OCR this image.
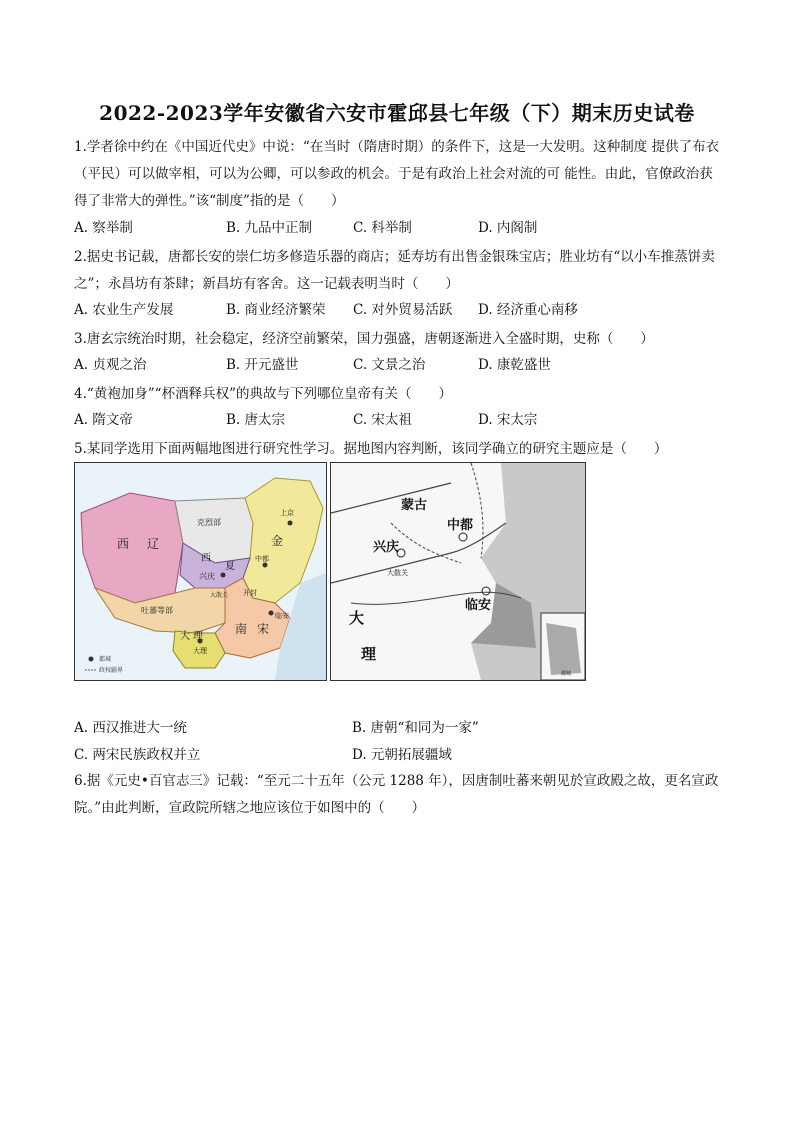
2022-2023学年安徽省六安市霍邱县七年级（下）期末历史试卷
1.学者徐中约在《中国近代史》中说：“在当时（隋唐时期）的条件下，这是一大发明。这种制度 提供了布衣（平民）可以做宰相，可以为公卿，可以参政的机会。于是有政治上社会对流的可 能性。由此，官僚政治获得了非常大的弹性。”该“制度”指的是（　　）
A. 察举制	B. 九品中正制	C. 科举制	D. 内阁制
2.据史书记载，唐都长安的崇仁坊多修造乐器的商店；延寿坊有出售金银珠宝店；胜业坊有“以小车推蒸饼卖之”；永昌坊有茶肆；新昌坊有客舍。这一记载表明当时（　　）
A. 农业生产发展	B. 商业经济繁荣 C. 对外贸易活跃 D. 经济重心南移
3.唐玄宗统治时期，社会稳定，经济空前繁荣，国力强盛，唐朝逐渐进入全盛时期，史称（　　）
A. 贞观之治	B. 开元盛世	C. 文景之治	D. 康乾盛世
4.“黄袍加身”“杯酒释兵权”的典故与下列哪位皇帝有关（　　）
A. 隋文帝	B. 唐太宗	C. 宋太祖	D. 宋太宗
5.某同学选用下面两幅地图进行研究性学习。据地图内容判断，该同学确立的研究主题应是（　　）
西 辽
克烈部
西
夏
兴庆
金
上京
中都
吐蕃等部
大 理
大理
南 宋
临安
开封
大散关
都城
政权疆界
蒙古
中都
兴庆
大散关
临安
大
理
都城
A. 西汉推进大一统	B. 唐朝“和同为一家”
C. 两宋民族政权并立	D. 元朝拓展疆域
6.据《元史•百官志三》记载：“至元二十五年（公元 1288 年），因唐制吐蕃来朝见於宣政殿之故，更名宣政院。”由此判断，宣政院所辖之地应该位于如图中的（　　）
